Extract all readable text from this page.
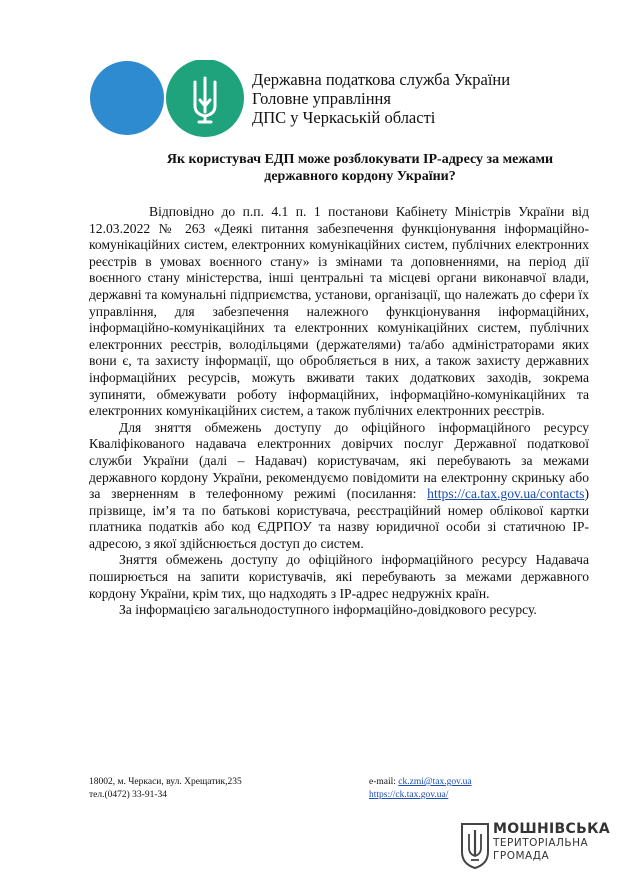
Державна податкова служба України
Головне управління
ДПС у Черкаській області
Як користувач ЕДП може розблокувати IP-адресу за межами
державного кордону України?

Відповідно до п.п. 4.1 п. 1 постанови Кабінету Міністрів України від 12.03.2022 № 263 «Деякі питання забезпечення функціонування інформаційно-комунікаційних систем, електронних комунікаційних систем, публічних електронних реєстрів в умовах воєнного стану» із змінами та доповненнями, на період дії воєнного стану міністерства, інші центральні та місцеві органи виконавчої влади, державні та комунальні підприємства, установи, організації, що належать до сфери їх управління, для забезпечення належного функціонування інформаційних, інформаційно-комунікаційних та електронних комунікаційних систем, публічних електронних реєстрів, володільцями (держателями) та/або адміністраторами яких вони є, та захисту інформації, що обробляється в них, а також захисту державних інформаційних ресурсів, можуть вживати таких додаткових заходів, зокрема зупиняти, обмежувати роботу інформаційних, інформаційно-комунікаційних та електронних комунікаційних систем, а також публічних електронних реєстрів.

Для зняття обмежень доступу до офіційного інформаційного ресурсу Кваліфікованого надавача електронних довірчих послуг Державної податкової служби України (далі – Надавач) користувачам, які перебувають за межами державного кордону України, рекомендуємо повідомити на електронну скриньку або за зверненням в телефонному режимі (посилання: https://ca.tax.gov.ua/contacts) прізвище, ім’я та по батькові користувача, реєстраційний номер облікової картки платника податків або код ЄДРПОУ та назву юридичної особи зі статичною IP-адресою, з якої здійснюється доступ до систем.

Зняття обмежень доступу до офіційного інформаційного ресурсу Надавача поширюється на запити користувачів, які перебувають за межами державного кордону України, крім тих, що надходять з IP-адрес недружніх країн.

За інформацією загальнодоступного інформаційно-довідкового ресурсу.

18002, м. Черкаси, вул. Хрещатик,235
тел.(0472) 33-91-34
e-mail: ck.zmi@tax.gov.ua
https://ck.tax.gov.ua/
МОШНІВСЬКА
ТЕРИТОРІАЛЬНА
ГРОМАДА
